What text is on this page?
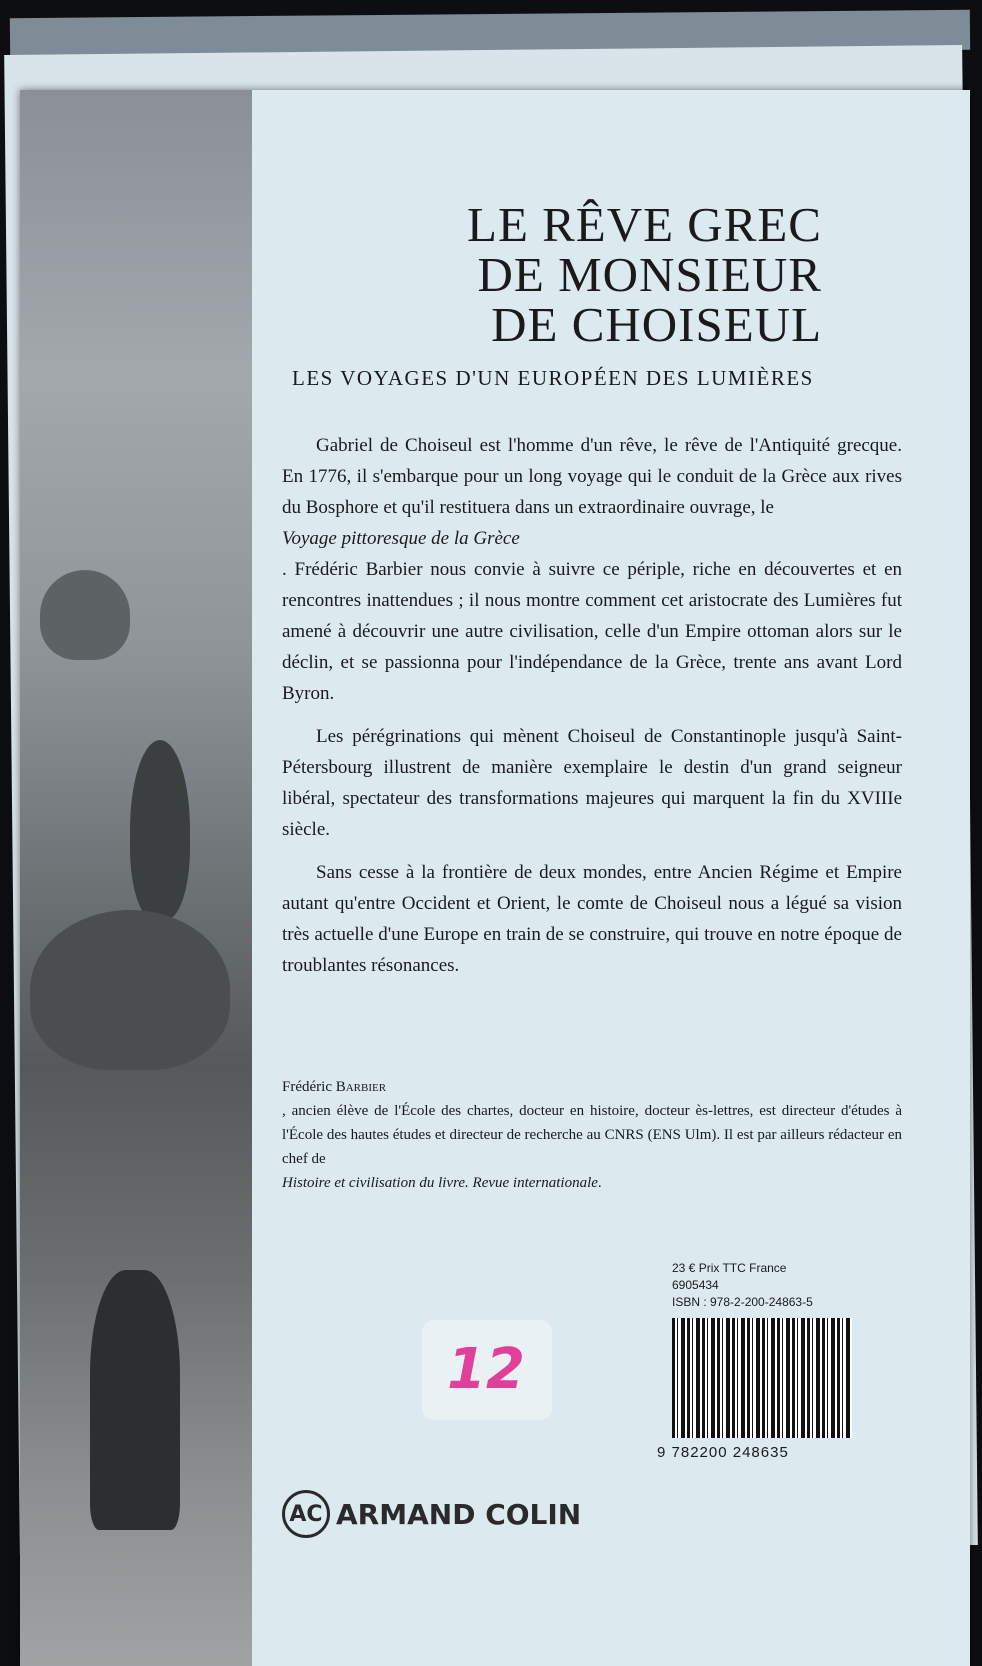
LE RÊVE GREC
DE MONSIEUR
DE CHOISEUL
LES VOYAGES D'UN EUROPÉEN DES LUMIÈRES

Gabriel de Choiseul est l'homme d'un rêve, le rêve de l'Antiquité grecque. En 1776, il s'embarque pour un long voyage qui le conduit de la Grèce aux rives du Bosphore et qu'il restituera dans un extraordinaire ouvrage, le
Voyage pittoresque de la Grèce
. Frédéric Barbier nous convie à suivre ce périple, riche en découvertes et en rencontres inattendues ; il nous montre comment cet aristocrate des Lumières fut amené à découvrir une autre civilisation, celle d'un Empire ottoman alors sur le déclin, et se passionna pour l'indépendance de la Grèce, trente ans avant Lord Byron.

Les pérégrinations qui mènent Choiseul de Constantinople jusqu'à Saint-Pétersbourg illustrent de manière exemplaire le destin d'un grand seigneur libéral, spectateur des transformations majeures qui marquent la fin du XVIIIe siècle.

Sans cesse à la frontière de deux mondes, entre Ancien Régime et Empire autant qu'entre Occident et Orient, le comte de Choiseul nous a légué sa vision très actuelle d'une Europe en train de se construire, qui trouve en notre époque de troublantes résonances.

Frédéric Barbier
, ancien élève de l'École des chartes, docteur en histoire, docteur ès-lettres, est directeur d'études à l'École des hautes études et directeur de recherche au CNRS (ENS Ulm). Il est par ailleurs rédacteur en chef de
Histoire et civilisation du livre. Revue internationale.
23 € Prix TTC France
6905434
ISBN : 978-2-200-24863-5
9 782200 248635
12
AC ARMAND COLIN
